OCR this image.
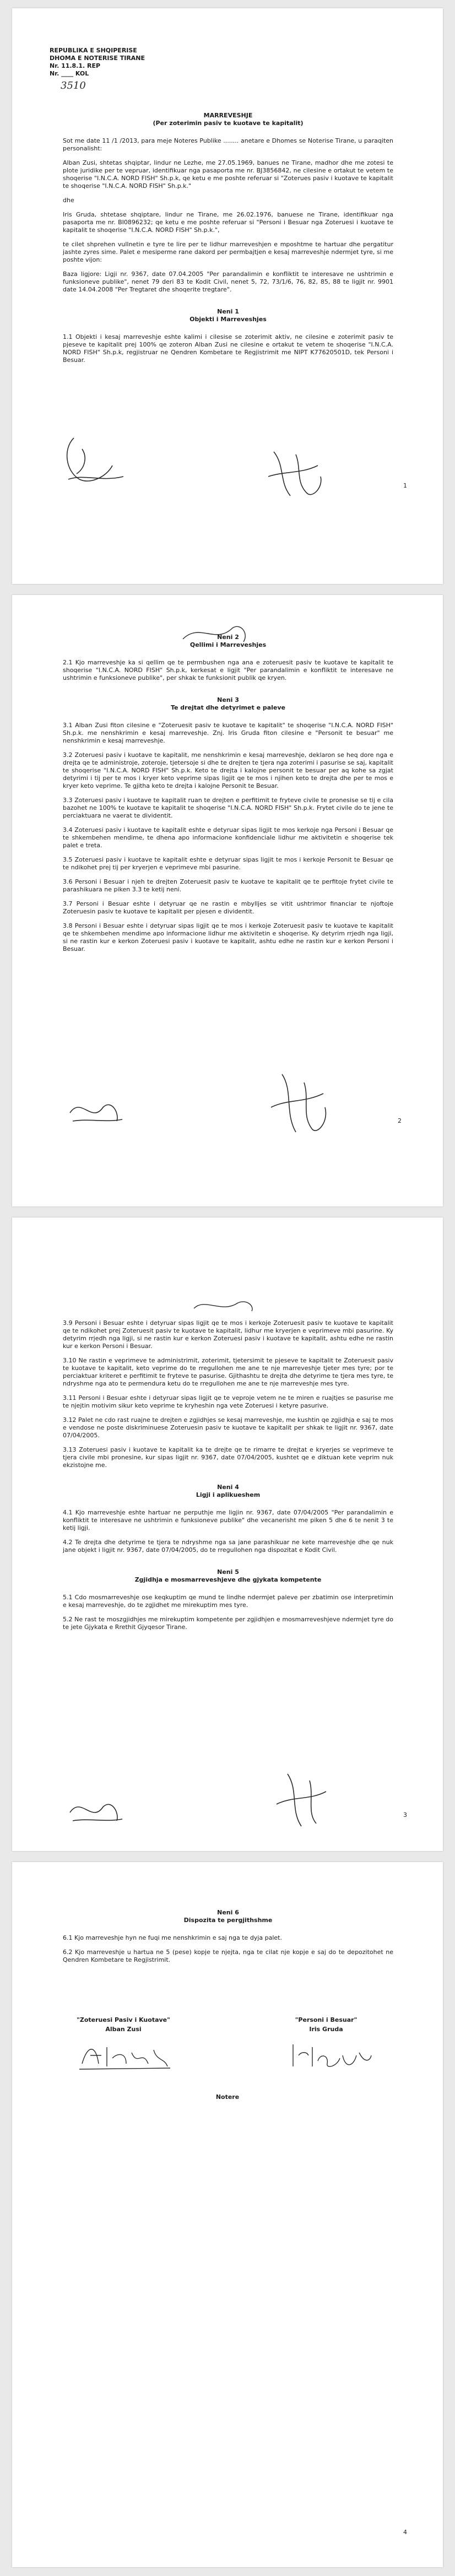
REPUBLIKA E SHQIPERISE
DHOMA E NOTERISE TIRANE
Nr. 11.8.1. REP
Nr. ____ KOL
3510
MARREVESHJE
(Per zoterimin pasiv te kuotave te kapitalit)

Sot me date 11 /1 /2013, para meje Noteres Publike ........ anetare e Dhomes se Noterise Tirane, u paraqiten personalisht:

Alban Zusi, shtetas shqiptar, lindur ne Lezhe, me 27.05.1969, banues ne Tirane, madhor dhe me zotesi te plote juridike per te vepruar, identifikuar nga pasaporta me nr. BJ3856842, ne cilesine e ortakut te vetem te shoqerise "I.N.C.A. NORD FISH" Sh.p.k, qe ketu e me poshte referuar si "Zoterues pasiv i kuotave te kapitalit te shoqerise "I.N.C.A. NORD FISH" Sh.p.k."

dhe

Iris Gruda, shtetase shqiptare, lindur ne Tirane, me 26.02.1976, banuese ne Tirane, identifikuar nga pasaporta me nr. BI0896232; qe ketu e me poshte referuar si "Personi i Besuar nga Zoteruesi i kuotave te kapitalit te shoqerise "I.N.C.A. NORD FISH" Sh.p.k.",

te cilet shprehen vullnetin e tyre te lire per te lidhur marreveshjen e mposhtme te hartuar dhe pergatitur jashte zyres sime. Palet e mesiperme rane dakord per permbajtjen e kesaj marreveshje ndermjet tyre, si me poshte vijon:

Baza ligjore: Ligji nr. 9367, date 07.04.2005 "Per parandalimin e konfliktit te interesave ne ushtrimin e funksioneve publike", nenet 79 deri 83 te Kodit Civil, nenet 5, 72, 73/1/6, 76, 82, 85, 88 te ligjit nr. 9901 date 14.04.2008 "Per Tregtaret dhe shoqerite tregtare".

Neni 1
Objekti i Marreveshjes

1.1 Objekti i kesaj marreveshje eshte kalimi i cilesise se zoterimit aktiv, ne cilesine e zoterimit pasiv te pjeseve te kapitalit prej 100% qe zoteron Alban Zusi ne cilesine e ortakut te vetem te shoqerise "I.N.C.A. NORD FISH" Sh.p.k, regjistruar ne Qendren Kombetare te Regjistrimit me NIPT K77620501D, tek Personi i Besuar.

1
Neni 2
Qellimi i Marreveshjes

2.1 Kjo marreveshje ka si qellim qe te permbushen nga ana e zoteruesit pasiv te kuotave te kapitalit te shoqerise "I.N.C.A. NORD FISH" Sh.p.k, kerkesat e ligjit "Per parandalimin e konfliktit te interesave ne ushtrimin e funksioneve publike", per shkak te funksionit publik qe kryen.

Neni 3
Te drejtat dhe detyrimet e paleve

3.1 Alban Zusi fiton cilesine e "Zoteruesit pasiv te kuotave te kapitalit" te shoqerise "I.N.C.A. NORD FISH" Sh.p.k. me nenshkrimin e kesaj marreveshje. Znj. Iris Gruda fiton cilesine e "Personit te besuar" me nenshkrimin e kesaj marreveshje.

3.2 Zoteruesi pasiv i kuotave te kapitalit, me nenshkrimin e kesaj marreveshje, deklaron se heq dore nga e drejta qe te administroje, zoteroje, tjetersoje si dhe te drejten te tjera nga zoterimi i pasurise se saj, kapitalit te shoqerise "I.N.C.A. NORD FISH" Sh.p.k. Keto te drejta i kalojne personit te besuar per aq kohe sa zgjat detyrimi i tij per te mos i kryer keto veprime sipas ligjit qe te mos i njihen keto te drejta dhe per te mos e kryer keto veprime. Te gjitha keto te drejta i kalojne Personit te Besuar.

3.3 Zoteruesi pasiv i kuotave te kapitalit ruan te drejten e perfitimit te fryteve civile te pronesise se tij e cila bazohet ne 100% te kuotave te kapitalit te shoqerise "I.N.C.A. NORD FISH" Sh.p.k. Frytet civile do te jene te perciaktuara ne vaerat te dividentit.

3.4 Zoteruesi pasiv i kuotave te kapitalit eshte e detyruar sipas ligjit te mos kerkoje nga Personi i Besuar qe te shkembehen mendime, te dhena apo informacione konfidenciale lidhur me aktivitetin e shoqerise tek palet e treta.

3.5 Zoteruesi pasiv i kuotave te kapitalit eshte e detyruar sipas ligjit te mos i kerkoje Personit te Besuar qe te ndikohet prej tij per kryerjen e veprimeve mbi pasurine.

3.6 Personi i Besuar i njeh te drejten Zoteruesit pasiv te kuotave te kapitalit qe te perfitoje frytet civile te parashikuara ne piken 3.3 te ketij neni.

3.7 Personi i Besuar eshte i detyruar qe ne rastin e mbylljes se vitit ushtrimor financiar te njoftoje Zoteruesin pasiv te kuotave te kapitalit per pjesen e dividentit.

3.8 Personi i Besuar eshte i detyruar sipas ligjit qe te mos i kerkoje Zoteruesit pasiv te kuotave te kapitalit qe te shkembehen mendime apo informacione lidhur me aktivitetin e shoqerise. Ky detyrim rrjedh nga ligji, si ne rastin kur e kerkon Zoteruesi pasiv i kuotave te kapitalit, ashtu edhe ne rastin kur e kerkon Personi i Besuar.

2

3.9 Personi i Besuar eshte i detyruar sipas ligjit qe te mos i kerkoje Zoteruesit pasiv te kuotave te kapitalit qe te ndikohet prej Zoteruesit pasiv te kuotave te kapitalit, lidhur me kryerjen e veprimeve mbi pasurine. Ky detyrim rrjedh nga ligji, si ne rastin kur e kerkon Zoteruesi pasiv i kuotave te kapitalit, ashtu edhe ne rastin kur e kerkon Personi i Besuar.

3.10 Ne rastin e veprimeve te administrimit, zoterimit, tjetersimit te pjeseve te kapitalit te Zoteruesit pasiv te kuotave te kapitalit, keto veprime do te rregullohen me ane te nje marreveshje tjeter mes tyre; por te perciaktuar kriteret e perfitimit te fryteve te pasurise. Gjithashtu te drejta dhe detyrime te tjera mes tyre, te ndryshme nga ato te permendura ketu do te rregullohen me ane te nje marreveshje mes tyre.

3.11 Personi i Besuar eshte i detyruar sipas ligjit qe te veproje vetem ne te miren e ruajtjes se pasurise me te njejtin motivim sikur keto veprime te kryheshin nga vete Zoteruesi i ketyre pasurive.

3.12 Palet ne cdo rast ruajne te drejten e zgjidhjes se kesaj marreveshje, me kushtin qe zgjidhja e saj te mos e vendose ne poste diskriminuese Zoteruesin pasiv te kuotave te kapitalit per shkak te ligjit nr. 9367, date 07/04/2005.

3.13 Zoteruesi pasiv i kuotave te kapitalit ka te drejte qe te rimarre te drejtat e kryerjes se veprimeve te tjera civile mbi pronesine, kur sipas ligjit nr. 9367, date 07/04/2005, kushtet qe e diktuan kete veprim nuk ekzistojne me.

Neni 4
Ligji i aplikueshem

4.1 Kjo marreveshje eshte hartuar ne perputhje me ligjin nr. 9367, date 07/04/2005 "Per parandalimin e konfliktit te interesave ne ushtrimin e funksioneve publike" dhe vecanerisht me piken 5 dhe 6 te nenit 3 te ketij ligji.

4.2 Te drejta dhe detyrime te tjera te ndryshme nga sa jane parashikuar ne kete marreveshje dhe qe nuk jane objekt i ligjit nr. 9367, date 07/04/2005, do te rregullohen nga dispozitat e Kodit Civil.

Neni 5
Zgjidhja e mosmarreveshjeve dhe gjykata kompetente

5.1 Cdo mosmarreveshje ose keqkuptim qe mund te lindhe ndermjet paleve per zbatimin ose interpretimin e kesaj marreveshje, do te zgjidhet me mirekuptim mes tyre.

5.2 Ne rast te moszgjidhjes me mirekuptim kompetente per zgjidhjen e mosmarreveshjeve ndermjet tyre do te jete Gjykata e Rrethit Gjyqesor Tirane.

3
Neni 6
Dispozita te pergjithshme

6.1 Kjo marreveshje hyn ne fuqi me nenshkrimin e saj nga te dyja palet.

6.2 Kjo marreveshje u hartua ne 5 (pese) kopje te njejta, nga te cilat nje kopje e saj do te depozitohet ne Qendren Kombetare te Regjistrimit.

"Zoteruesi Pasiv i Kuotave"
Alban Zusi
"Personi i Besuar"
Iris Gruda
Notere
4
